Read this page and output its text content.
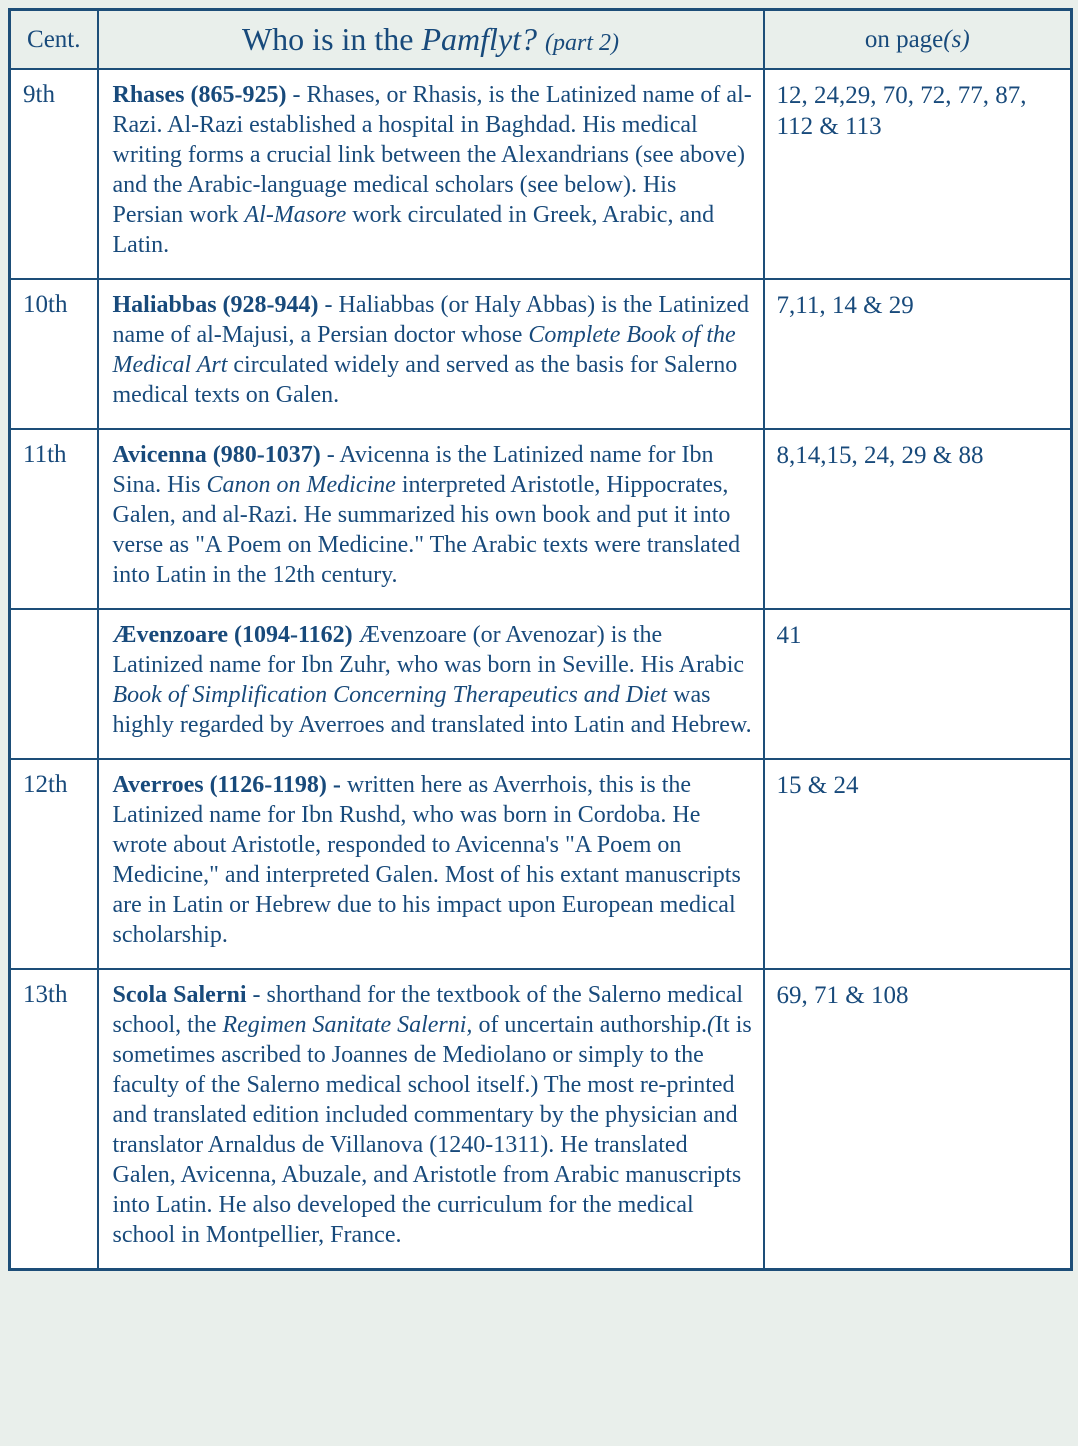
Cent.	Who is in the Pamflyt? (part 2)	on page(s)
9th	Rhases (865-925) - Rhases, or Rhasis, is the Latinized name of al-Razi. Al-Razi established a hospital in Baghdad. His medical writing forms a crucial link between the Alexandrians (see above) and the Arabic-language medical scholars (see below). His Persian work Al-Masore work circulated in Greek, Arabic, and Latin.	12, 24,29, 70, 72, 77, 87, 112 & 113
10th	Haliabbas (928-944) - Haliabbas (or Haly Abbas) is the Latinized name of al-Majusi, a Persian doctor whose Complete Book of the Medical Art circulated widely and served as the basis for Salerno medical texts on Galen.	7,11, 14 & 29
11th	Avicenna (980-1037) - Avicenna is the Latinized name for Ibn Sina. His Canon on Medicine interpreted Aristotle, Hippocrates, Galen, and al-Razi. He summarized his own book and put it into verse as "A Poem on Medicine." The Arabic texts were translated into Latin in the 12th century.	8,14,15, 24, 29 & 88
	Ævenzoare (1094-1162) Ævenzoare (or Avenozar) is the Latinized name for Ibn Zuhr, who was born in Seville. His Arabic Book of Simplification Concerning Therapeutics and Diet was highly regarded by Averroes and translated into Latin and Hebrew.	41
12th	Averroes (1126-1198) - written here as Averrhois, this is the Latinized name for Ibn Rushd, who was born in Cordoba. He wrote about Aristotle, responded to Avicenna's "A Poem on Medicine," and interpreted Galen. Most of his extant manuscripts are in Latin or Hebrew due to his impact upon European medical scholarship.	15 & 24
13th	Scola Salerni - shorthand for the textbook of the Salerno medical school, the Regimen Sanitate Salerni, of uncertain authorship.(It is sometimes ascribed to Joannes de Mediolano or simply to the faculty of the Salerno medical school itself.) The most re-printed and translated edition included commentary by the physician and translator Arnaldus de Villanova (1240-1311). He translated Galen, Avicenna, Abuzale, and Aristotle from Arabic manuscripts into Latin. He also developed the curriculum for the medical school in Montpellier, France.	69, 71 & 108
